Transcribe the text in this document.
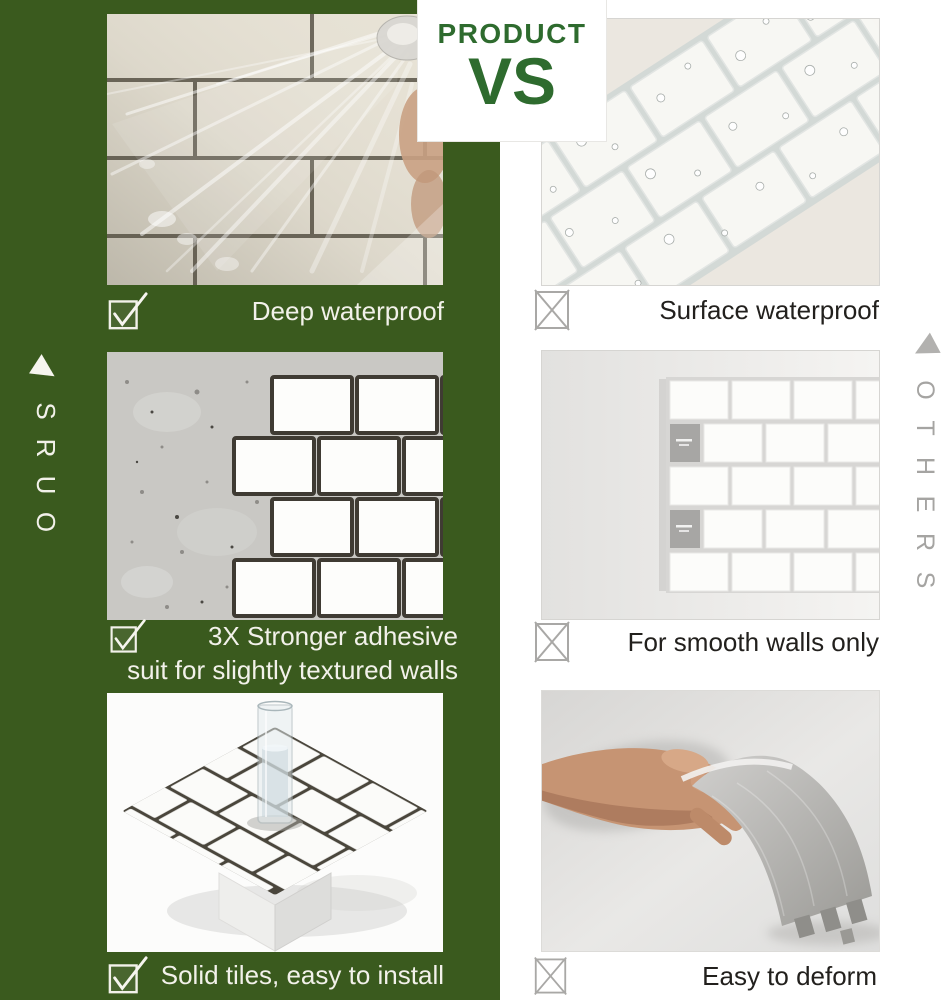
PRODUCT
VS
▶
S
R
U
O
◀
O
T
H
E
R
S
Deep waterproof	Surface waterproof
3X Stronger adhesive
suit for slightly textured walls
For smooth walls only
Solid tiles, easy to install	Easy to deform
